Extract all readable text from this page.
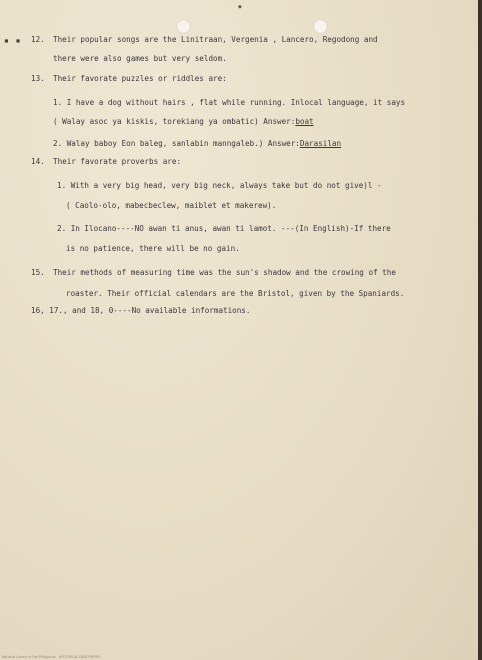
◆
▪ ▪ 12. Their popular songs are the Linitraan, Vergenia , Lancero, Regodong and
there were also games but very seldom.
13. Their favorate puzzles or riddles are:
1. I have a dog without hairs , flat while running. Inlocal language, it says
( Walay asoc ya kiskis, torekiang ya ombatic) Answer:boat
2. Walay baboy Eon baleg, sanlabin manngaleb.) Answer:Darasilan
14. Their favorate proverbs are:
1. With a very big head, very big neck, always take but do not give)l -
( Caolo-olo, mabecbeclew, maiblet et makerew).
2. In Ilocano----NO awan ti anus, awan ti lamot. ---(In English)-If there
is no patience, there will be no gain.
15. Their methods of measuring time was the sun's shadow and the crowing of the
roaster. Their official calendars are the Bristol, given by the Spaniards.
16, 17., and 18, 0----No available informations.
National Library of the Philippines · HISTORICAL DATA PAPERS
